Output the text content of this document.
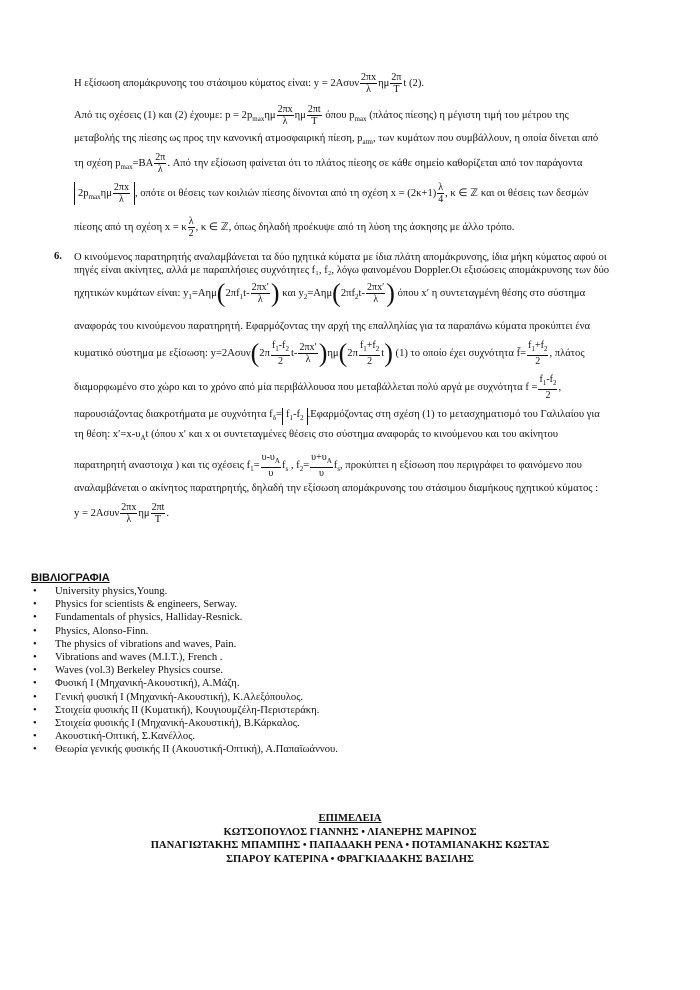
Η εξίσωση απομάκρυνσης του στάσιμου κύματος είναι: $y = 2A\sigma\upsilon\nu \frac{2\pi x}{\lambda}$ ημ $\frac{2\pi}{T}$ t (2).
Από τις σχέσεις (1) και (2) έχουμε: $p = 2p_{max}\eta\mu \frac{2\pi x}{\lambda}$ ημ $\frac{2\pi t}{T}$ όπου $p_{max}$ (πλάτος πίεσης) η μέγιστη τιμή του μέτρου της
μεταβολής της πίεσης ως προς την κανονική ατμοσφαιρική πίεση, $p_{atm}$, των κυμάτων που συμβάλλουν, η οποία δίνεται από
τη σχέση $p_{max}=BA \frac{2\pi}{\lambda}$ . Από την εξίσωση φαίνεται ότι το πλάτος πίεσης σε κάθε σημείο καθορίζεται από τον παράγοντα
$2p_{max}\eta\mu \frac{2\pi x}{\lambda}$ , οπότε οι θέσεις των κοιλιών πίεσης δίνονται από τη σχέση $x = (2\kappa+1) \frac{\lambda}{4}$ , κ ∈ ℤ και οι θέσεις των δεσμών
πίεσης από τη σχέση x = κ $\frac{\lambda}{2}$ , κ ∈ ℤ, όπως δηλαδή προέκυψε από τη λύση της άσκησης με άλλο τρόπο.
6. Ο κινούμενος παρατηρητής αναλαμβάνεται τα δύο ηχητικά κύματα με ίδια πλάτη απομάκρυνσης, ίδια μήκη κύματος αφού οι
πηγές είναι ακίνητες, αλλά με παραπλήσιες συχνότητες f₁, f₂, λόγω φαινομένου Doppler.Οι εξισώσεις απομάκρυνσης των δύο
ηχητικών κυμάτων είναι: $y_1=A\eta\mu(2\pi f_1t- \frac{2\pi x'}{\lambda}$ ) και $y_2=A\eta\mu(2\pi f_2t- \frac{2\pi x'}{\lambda}$ ) όπου x′ η συντεταγμένη θέσης στο σύστημα
αναφοράς του κινούμενου παρατηρητή. Εφαρμόζοντας την αρχή της επαλληλίας για τα παραπάνω κύματα προκύπτει ένα
κυματικό σύστημα με εξίσωση: $y=2A\sigma\upsilon\nu(2\pi \frac{f_1-f_2}{2} t- \frac{2\pi x'}{\lambda} )\eta\mu(2\pi \frac{f_1+f_2}{2} t)$ (1) το οποίο έχει συχνότητα f̄= $\frac{f_1+f_2}{2}$ , πλάτος
διαμορφωμένο στο χώρο και το χρόνο από μία περιβάλλουσα που μεταβάλλεται πολύ αργά με συχνότητα $f = \frac{f_1-f_2}{2}$ ,
παρουσιάζοντας διακροτήματα με συχνότητα $f_\delta= f_1-f_2$ .Εφαρμόζοντας στη σχέση (1) το μετασχηματισμό του Γαλιλαίου για
τη θέση: $x'=x-\upsilon_At$ (όπου x′ και x οι συντεταγμένες θέσεις στο σύστημα αναφοράς το κινούμενου και του ακίνητου
παρατηρητή αναστοιχα ) και τις σχέσεις $f_1= \frac{\upsilon-\upsilon_A}{\upsilon} f_s$ , $f_2= \frac{\upsilon+\upsilon_A}{\upsilon} f_s$, προκύπτει η εξίσωση που περιγράφει το φαινόμενο που
αναλαμβάνεται ο ακίνητος παρατηρητής, δηλαδή την εξίσωση απομάκρυνσης του στάσιμου διαμήκους ηχητικού κύματος :
$y = 2A\sigma\upsilon\nu \frac{2\pi x}{\lambda}$ ημ $\frac{2\pi t}{T}$ .
ΒΙΒΛΙΟΓΡΑΦΙΑ
• University physics,Young.
• Physics for scientists & engineers, Serway.
• Fundamentals of physics, Halliday-Resnick.
• Physics, Alonso-Finn.
• The physics of vibrations and waves, Pain.
• Vibrations and waves (M.I.T.), French .
• Waves (vol.3) Berkeley Physics course.
• Φυσική Ι (Μηχανική-Ακουστική), Α.Μάζη.
• Γενική φυσική Ι (Μηχανική-Ακουστική), Κ.Αλεξόπουλος.
• Στοιχεία φυσικής ΙΙ (Κυματική), Κουγιουμζέλη-Περιστεράκη.
• Στοιχεία φυσικής Ι (Μηχανική-Ακουστική), Β.Κάρκαλος.
• Ακουστική-Οπτική, Σ.Κανέλλος.
• Θεωρία γενικής φυσικής ΙΙ (Ακουστική-Οπτική), Α.Παπαϊωάννου.
ΕΠΙΜΕΛΕΙΑ
ΚΩΤΣΟΠΟΥΛΟΣ ΓΙΑΝΝΗΣ • ΛΙΑΝΕΡΗΣ ΜΑΡΙΝΟΣ
ΠΑΝΑΓΙΩΤΑΚΗΣ ΜΠΑΜΠΗΣ • ΠΑΠΑΔΑΚΗ ΡΕΝΑ • ΠΟΤΑΜΙΑΝΑΚΗΣ ΚΩΣΤΑΣ
ΣΠΑΡΟΥ ΚΑΤΕΡΙΝΑ • ΦΡΑΓΚΙΑΔΑΚΗΣ ΒΑΣΙΛΗΣ
